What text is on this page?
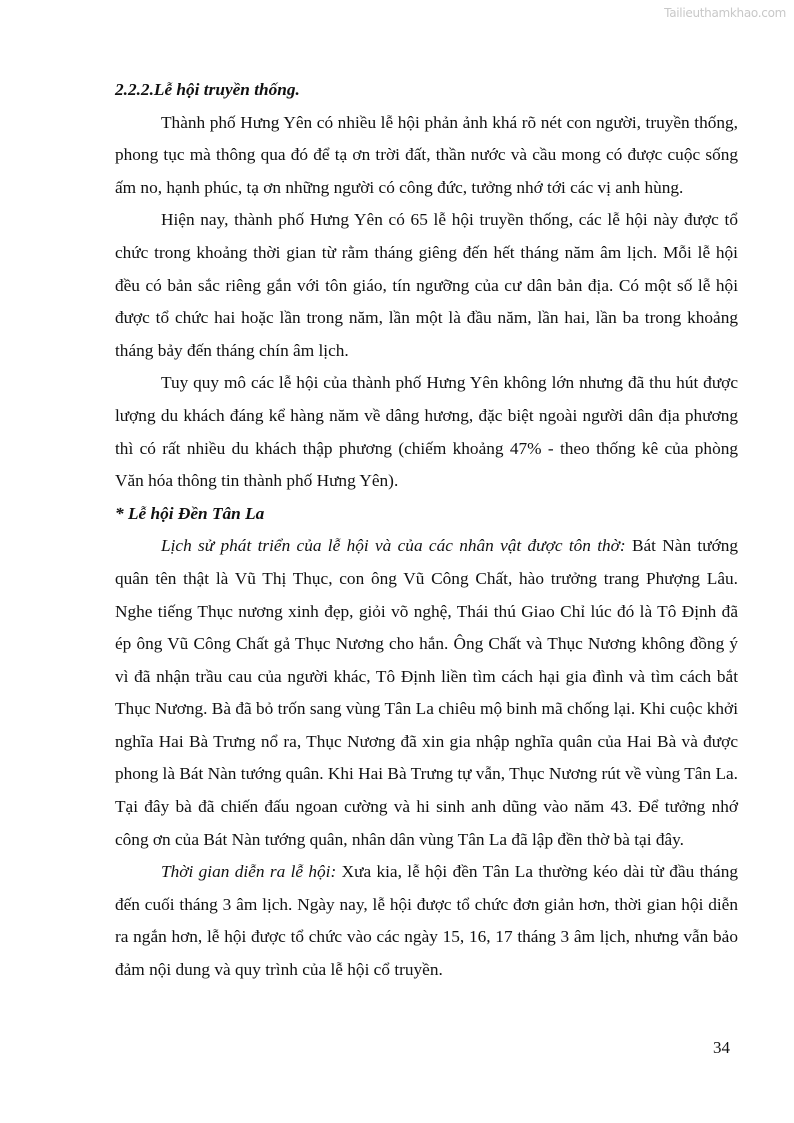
Tailieuthamkhao.com

2.2.2.Lễ hội truyền thống.

Thành phố Hưng Yên có nhiều lễ hội phản ảnh khá rõ nét con người, truyền thống, phong tục mà thông qua đó để tạ ơn trời đất, thần nước và cầu mong có được cuộc sống ấm no, hạnh phúc, tạ ơn những người có công đức, tưởng nhớ tới các vị anh hùng.

Hiện nay, thành phố Hưng Yên có 65 lễ hội truyền thống, các lễ hội này được tổ chức trong khoảng thời gian từ rằm tháng giêng đến hết tháng năm âm lịch. Mỗi lễ hội đều có bản sắc riêng gắn với tôn giáo, tín ngưỡng của cư dân bản địa. Có một số lễ hội được tổ chức hai hoặc lần trong năm, lần một là đầu năm, lần hai, lần ba trong khoảng tháng bảy đến tháng chín âm lịch.

Tuy quy mô các lễ hội của thành phố Hưng Yên không lớn nhưng đã thu hút được lượng du khách đáng kể hàng năm về dâng hương, đặc biệt ngoài người dân địa phương thì có rất nhiều du khách thập phương (chiếm khoảng 47% - theo thống kê của phòng Văn hóa thông tin thành phố Hưng Yên).

* Lễ hội Đền Tân La

Lịch sử phát triển của lễ hội và của các nhân vật được tôn thờ: Bát Nàn tướng quân tên thật là Vũ Thị Thục, con ông Vũ Công Chất, hào trưởng trang Phượng Lâu. Nghe tiếng Thục nương xinh đẹp, giỏi võ nghệ, Thái thú Giao Chỉ lúc đó là Tô Định đã ép ông Vũ Công Chất gả Thục Nương cho hắn. Ông Chất và Thục Nương không đồng ý vì đã nhận trầu cau của người khác, Tô Định liền tìm cách hại gia đình và tìm cách bắt Thục Nương. Bà đã bỏ trốn sang vùng Tân La chiêu mộ binh mã chống lại. Khi cuộc khởi nghĩa Hai Bà Trưng nổ ra, Thục Nương đã xin gia nhập nghĩa quân của Hai Bà và được phong là Bát Nàn tướng quân. Khi Hai Bà Trưng tự vẫn, Thục Nương rút về vùng Tân La. Tại đây bà đã chiến đấu ngoan cường và hi sinh anh dũng vào năm 43. Để tưởng nhớ công ơn của Bát Nàn tướng quân, nhân dân vùng Tân La đã lập đền thờ bà tại đây.

Thời gian diễn ra lễ hội: Xưa kia, lễ hội đền Tân La thường kéo dài từ đầu tháng đến cuối tháng 3 âm lịch. Ngày nay, lễ hội được tổ chức đơn giản hơn, thời gian hội diễn ra ngắn hơn, lễ hội được tổ chức vào các ngày 15, 16, 17 tháng 3 âm lịch, nhưng vẫn bảo đảm nội dung và quy trình của lễ hội cổ truyền.

34
